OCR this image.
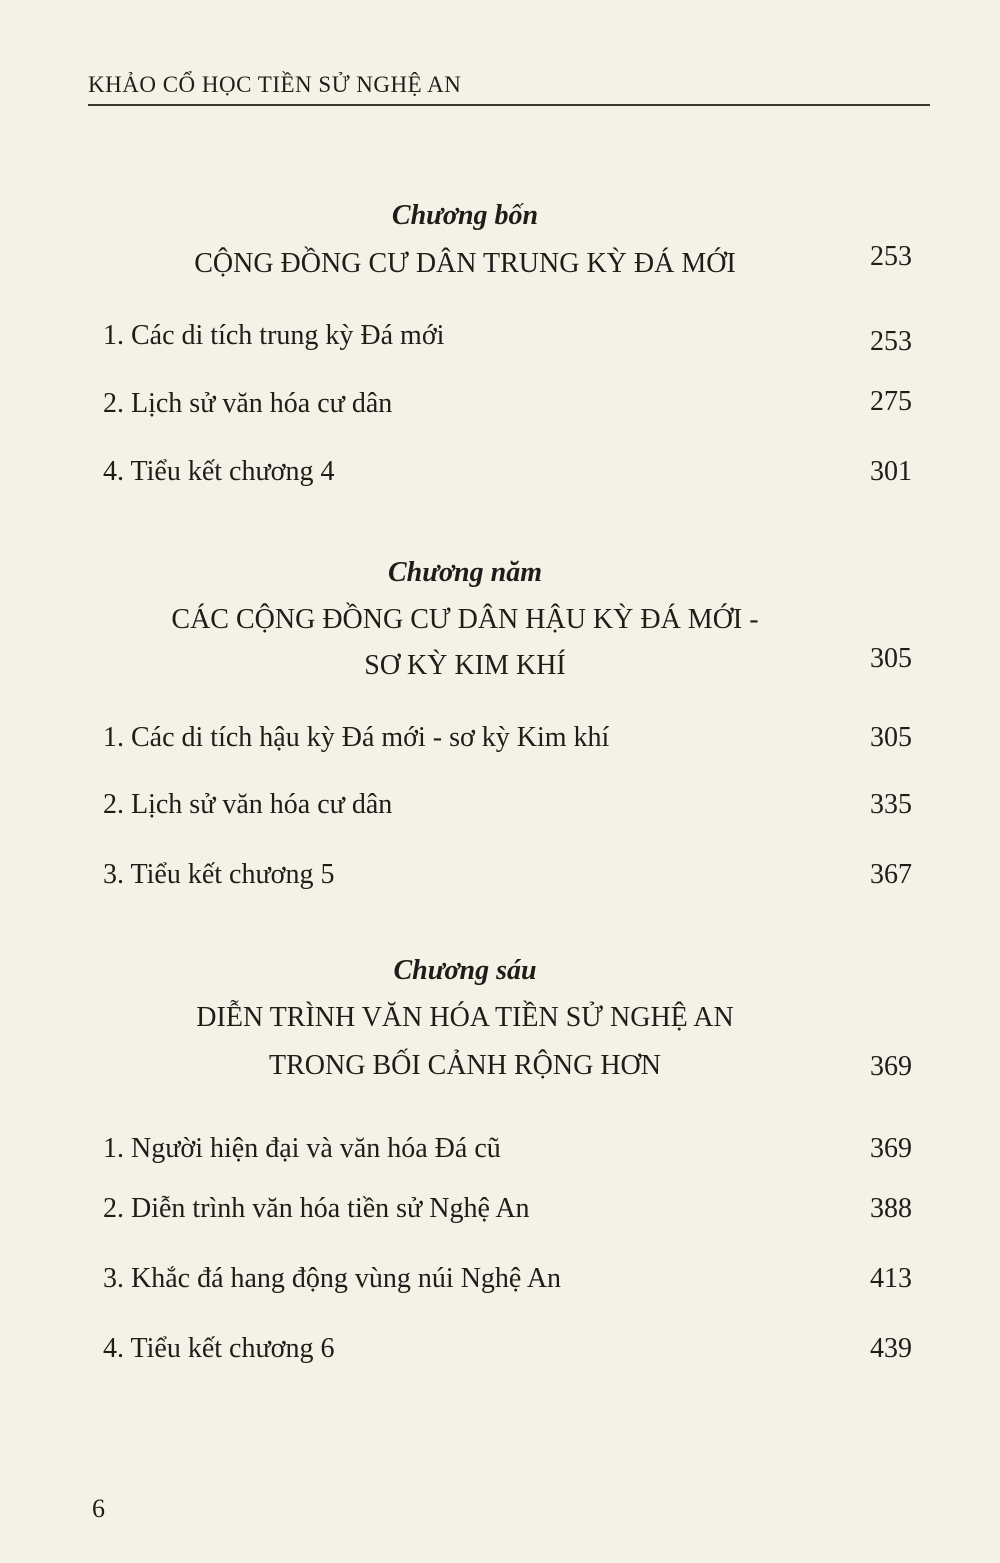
KHẢO CỔ HỌC TIỀN SỬ NGHỆ AN
Chương bốn
CỘNG ĐỒNG CƯ DÂN TRUNG KỲ ĐÁ MỚI	253
1. Các di tích trung kỳ Đá mới	253
2. Lịch sử văn hóa cư dân	275
4. Tiểu kết chương 4	301
Chương năm
CÁC CỘNG ĐỒNG CƯ DÂN HẬU KỲ ĐÁ MỚI -
SƠ KỲ KIM KHÍ	305
1. Các di tích hậu kỳ Đá mới - sơ kỳ Kim khí	305
2. Lịch sử văn hóa cư dân	335
3. Tiểu kết chương 5	367
Chương sáu
DIỄN TRÌNH VĂN HÓA TIỀN SỬ NGHỆ AN
TRONG BỐI CẢNH RỘNG HƠN	369
1. Người hiện đại và văn hóa Đá cũ	369
2. Diễn trình văn hóa tiền sử Nghệ An	388
3. Khắc đá hang động vùng núi Nghệ An	413
4. Tiểu kết chương 6	439
6
